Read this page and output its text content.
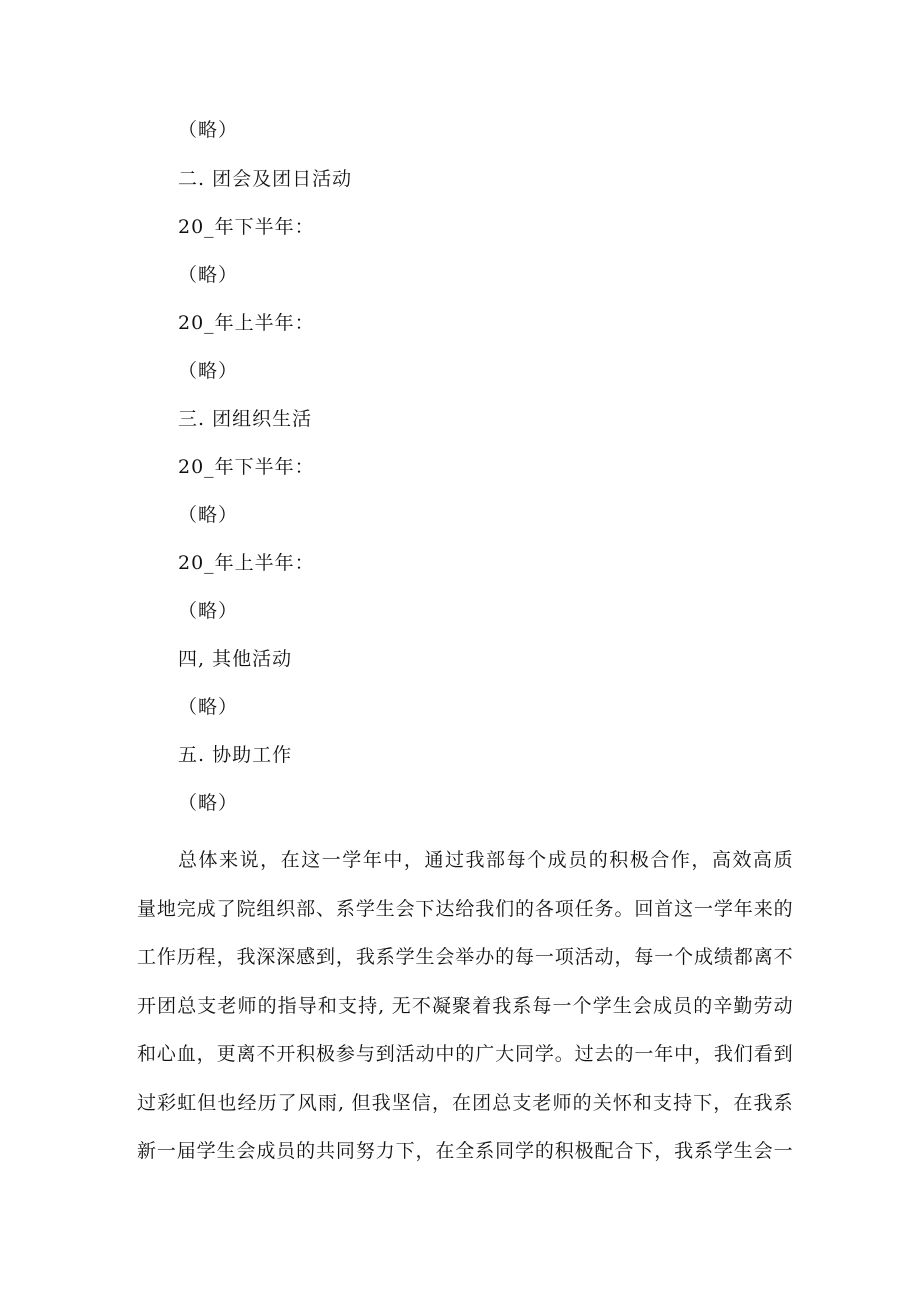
（略）
二. 团会及团日活动
20_年下半年：
（略）
20_年上半年：
（略）
三. 团组织生活
20_年下半年：
（略）
20_年上半年：
（略）
四, 其他活动
（略）
五. 协助工作
（略）

总体来说，在这一学年中，通过我部每个成员的积极合作，高效高质
量地完成了院组织部、系学生会下达给我们的各项任务。回首这一学年来的
工作历程，我深深感到，我系学生会举办的每一项活动，每一个成绩都离不
开团总支老师的指导和支持, 无不凝聚着我系每一个学生会成员的辛勤劳动
和心血，更离不开积极参与到活动中的广大同学。过去的一年中，我们看到
过彩虹但也经历了风雨, 但我坚信，在团总支老师的关怀和支持下，在我系
新一届学生会成员的共同努力下，在全系同学的积极配合下，我系学生会一
